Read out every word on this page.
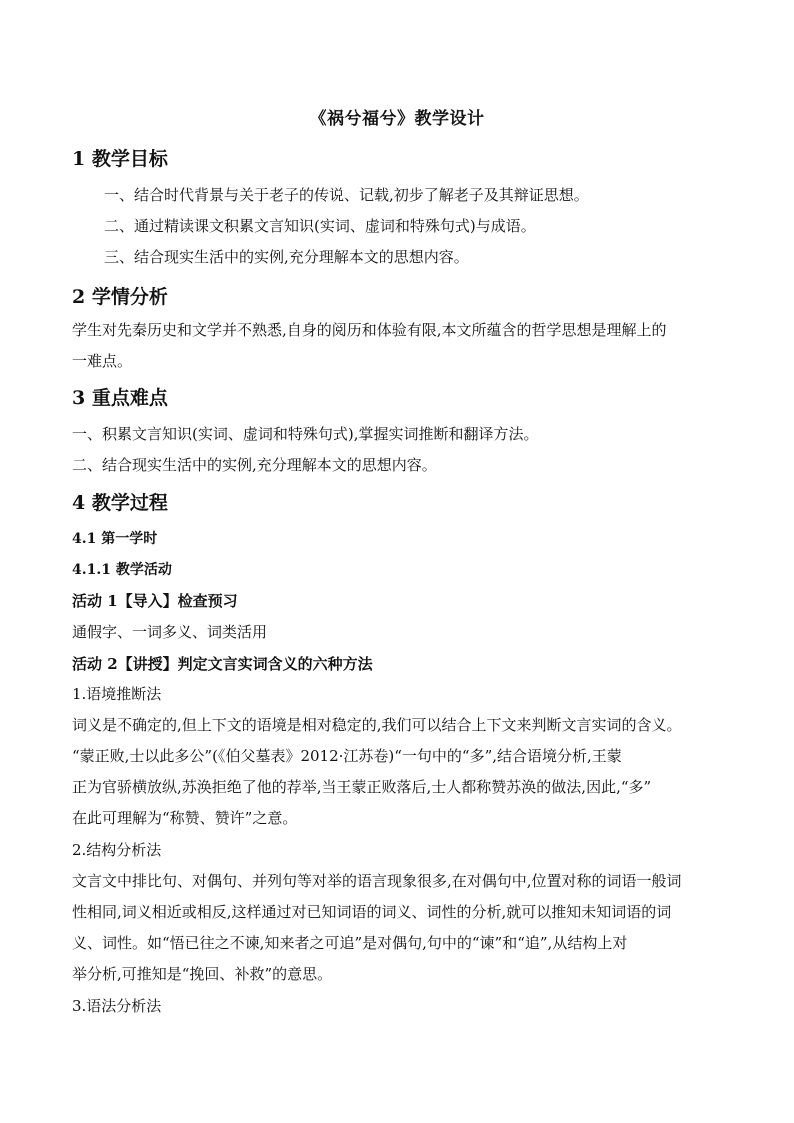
《祸兮福兮》教学设计
1 教学目标
一、结合时代背景与关于老子的传说、记载,初步了解老子及其辩证思想。
二、通过精读课文积累文言知识(实词、虚词和特殊句式)与成语。
三、结合现实生活中的实例,充分理解本文的思想内容。
2 学情分析
学生对先秦历史和文学并不熟悉,自身的阅历和体验有限,本文所蕴含的哲学思想是理解上的
一难点。
3 重点难点
一、积累文言知识(实词、虚词和特殊句式),掌握实词推断和翻译方法。
二、结合现实生活中的实例,充分理解本文的思想内容。
4 教学过程
4.1 第一学时
4.1.1 教学活动
活动 1【导入】检查预习
通假字、一词多义、词类活用
活动 2【讲授】判定文言实词含义的六种方法
1.语境推断法
词义是不确定的,但上下文的语境是相对稳定的,我们可以结合上下文来判断文言实词的含义。
“蒙正败,士以此多公”(《伯父墓表》2012·江苏卷)“一句中的“多”,结合语境分析,王蒙
正为官骄横放纵,苏涣拒绝了他的荐举,当王蒙正败落后,士人都称赞苏涣的做法,因此,“多”
在此可理解为“称赞、赞许”之意。
2.结构分析法
文言文中排比句、对偶句、并列句等对举的语言现象很多,在对偶句中,位置对称的词语一般词
性相同,词义相近或相反,这样通过对已知词语的词义、词性的分析,就可以推知未知词语的词
义、词性。如“悟已往之不谏,知来者之可追”是对偶句,句中的“谏”和“追”,从结构上对
举分析,可推知是“挽回、补救”的意思。
3.语法分析法
